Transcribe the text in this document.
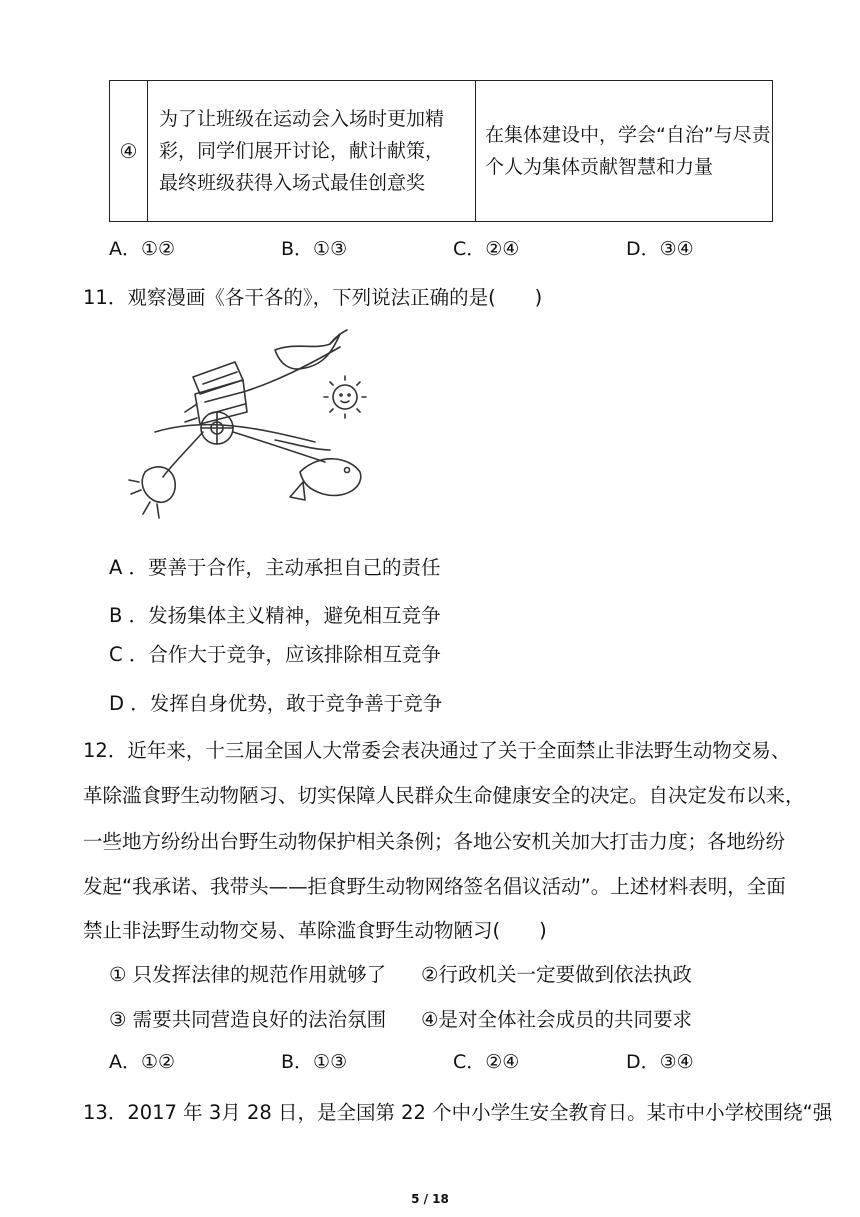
④	
为了让班级在运动会入场时更加精
彩，同学们展开讨论，献计献策，
最终班级获得入场式最佳创意奖

在集体建设中，学会“自治”与尽责
个人为集体贡献智慧和力量
A．①②	B．①③	C．②④	D．③④
11．观察漫画《各干各的》，下列说法正确的是(　　)
A ．要善于合作，主动承担自己的责任
B ．发扬集体主义精神，避免相互竞争
C ．合作大于竞争，应该排除相互竞争
D ．发挥自身优势，敢于竞争善于竞争
12．近年来，十三届全国人大常委会表决通过了关于全面禁止非法野生动物交易、
革除滥食野生动物陋习、切实保障人民群众生命健康安全的决定。自决定发布以来，
一些地方纷纷出台野生动物保护相关条例；各地公安机关加大打击力度；各地纷纷
发起“我承诺、我带头——拒食野生动物网络签名倡议活动”。上述材料表明，全面
禁止非法野生动物交易、革除滥食野生动物陋习(　　)
① 只发挥法律的规范作用就够了 ②行政机关一定要做到依法执政
③ 需要共同营造良好的法治氛围 ④是对全体社会成员的共同要求
A．①②	B．①③	C．②④	D．③④
13．2017 年 3月 28 日，是全国第 22 个中小学生安全教育日。某市中小学校围绕“强
5 / 18
